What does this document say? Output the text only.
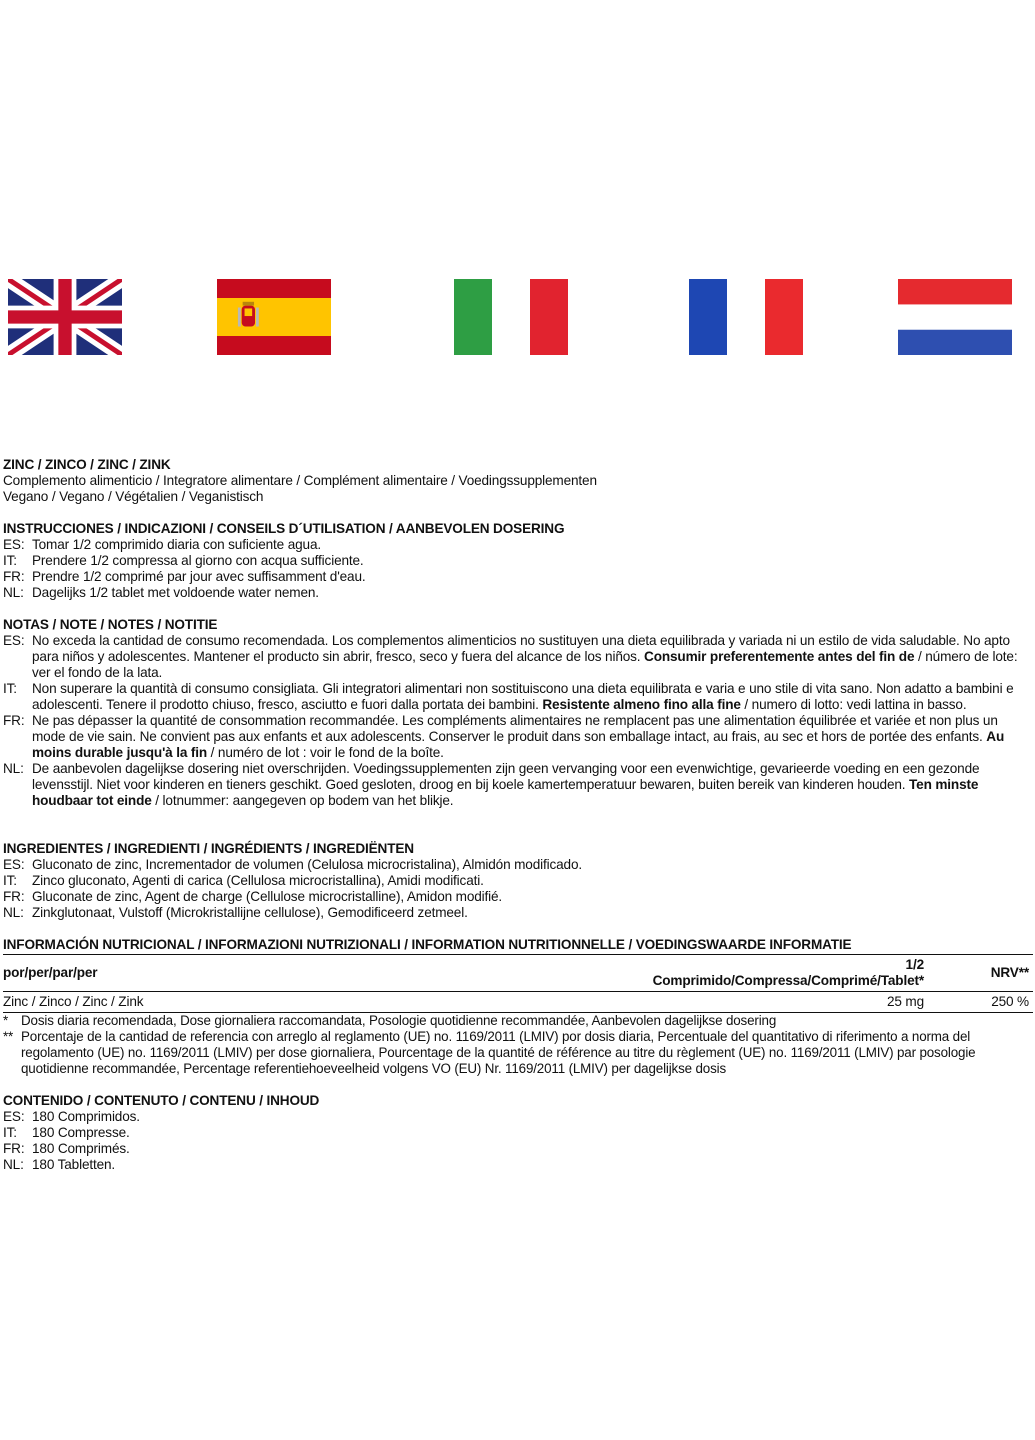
ZINC / ZINCO / ZINC / ZINK

Complemento alimenticio / Integratore alimentare / Complément alimentaire / Voedingssupplementen

Vegano / Vegano / Végétalien / Veganistisch

INSTRUCCIONES / INDICAZIONI / CONSEILS D´UTILISATION / AANBEVOLEN DOSERING

ES: Tomar 1/2 comprimido diaria con suficiente agua.
IT:	Prendere 1/2 compressa al giorno con acqua sufficiente.
FR: Prendre 1/2 comprimé par jour avec suffisamment d'eau.
NL: Dagelijks 1/2 tablet met voldoende water nemen.

NOTAS / NOTE / NOTES / NOTITIE

ES: No exceda la cantidad de consumo recomendada. Los complementos alimenticios no sustituyen una dieta equilibrada y variada ni un estilo de vida saludable. No apto para niños y adolescentes. Mantener el producto sin abrir, fresco, seco y fuera del alcance de los niños. Consumir preferentemente antes del fin de / número de lote: ver el fondo de la lata.
IT:	Non superare la quantità di consumo consigliata. Gli integratori alimentari non sostituiscono una dieta equilibrata e varia e uno stile di vita sano. Non adatto a bambini e adolescenti. Tenere il prodotto chiuso, fresco, asciutto e fuori dalla portata dei bambini. Resistente almeno fino alla fine / numero di lotto: vedi lattina in basso.
FR: Ne pas dépasser la quantité de consommation recommandée. Les compléments alimentaires ne remplacent pas une alimentation équilibrée et variée et non plus un mode de vie sain. Ne convient pas aux enfants et aux adolescents. Conserver le produit dans son emballage intact, au frais, au sec et hors de portée des enfants. Au moins durable jusqu'à la fin / numéro de lot : voir le fond de la boîte.
NL: De aanbevolen dagelijkse dosering niet overschrijden. Voedingssupplementen zijn geen vervanging voor een evenwichtige, gevarieerde voeding en een gezonde levensstijl. Niet voor kinderen en tieners geschikt. Goed gesloten, droog en bij koele kamertemperatuur bewaren, buiten bereik van kinderen houden. Ten minste houdbaar tot einde / lotnummer: aangegeven op bodem van het blikje.

INGREDIENTES / INGREDIENTI / INGRÉDIENTS / INGREDIËNTEN

ES: Gluconato de zinc, Incrementador de volumen (Celulosa microcristalina), Almidón modificado.
IT:	Zinco gluconato, Agenti di carica (Cellulosa microcristallina), Amidi modificati.
FR: Gluconate de zinc, Agent de charge (Cellulose microcristalline), Amidon modifié.
NL: Zinkglutonaat, Vulstoff (Microkristallijne cellulose), Gemodificeerd zetmeel.

INFORMACIÓN NUTRICIONAL / INFORMAZIONI NUTRIZIONALI / INFORMATION NUTRITIONNELLE / VOEDINGSWAARDE INFORMATIE

por/per/par/per	1/2 Comprimido/Compressa/Comprimé/Tablet*	NRV**
Zinc / Zinco / Zinc / Zink	25 mg	250 %
* Dosis diaria recomendada, Dose giornaliera raccomandata, Posologie quotidienne recommandée, Aanbevolen dagelijkse dosering
** Porcentaje de la cantidad de referencia con arreglo al reglamento (UE) no. 1169/2011 (LMIV) por dosis diaria, Percentuale del quantitativo di riferimento a norma del regolamento (UE) no. 1169/2011 (LMIV) per dose giornaliera, Pourcentage de la quantité de référence au titre du règlement (UE) no. 1169/2011 (LMIV) par posologie quotidienne recommandée, Percentage referentiehoeveelheid volgens VO (EU) Nr. 1169/2011 (LMIV) per dagelijkse dosis

CONTENIDO / CONTENUTO / CONTENU / INHOUD

ES: 180 Comprimidos.
IT:	180 Compresse.
FR: 180 Comprimés.
NL: 180 Tabletten.
